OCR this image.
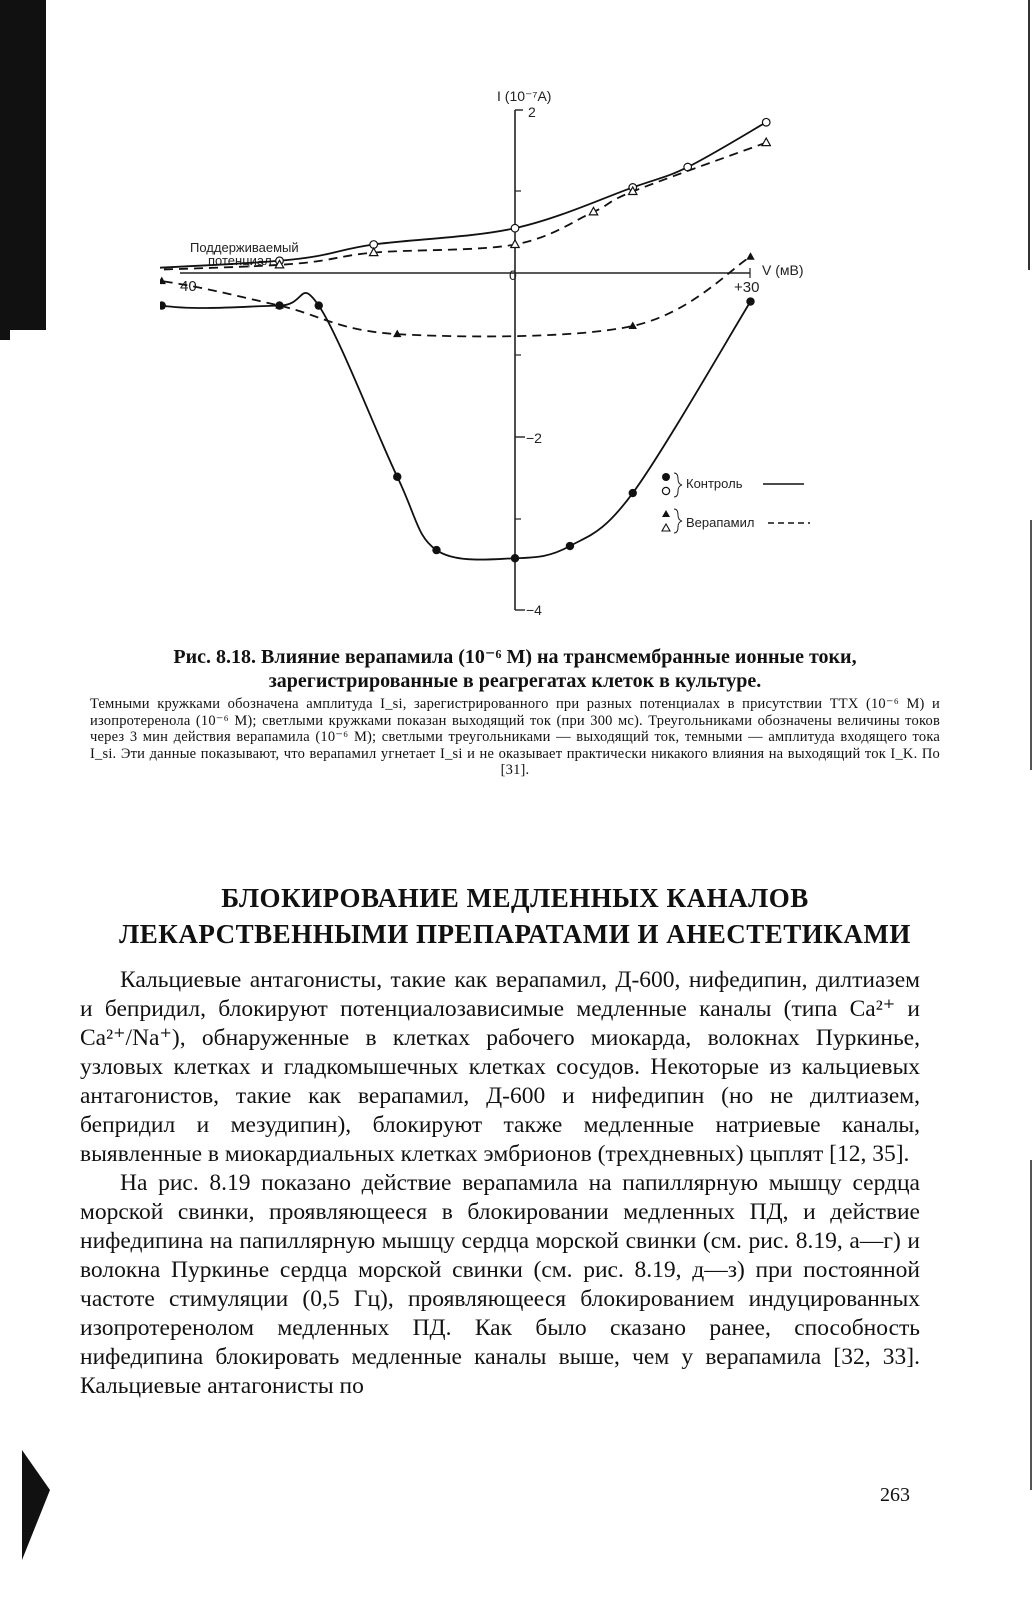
I (10⁻⁷A)
V (мВ)
Поддерживаемый
потенциал
40
0
+30
2
−2
−4
Контроль
Верапамил
Рис. 8.18. Влияние верапамила (10⁻⁶ М) на трансмембранные ионные токи, зарегистрированные в реагрегатах клеток в культуре.
Темными кружками обозначена амплитуда I_si, зарегистрированного при разных потенциалах в присутствии ТТХ (10⁻⁶ М) и изопротеренола (10⁻⁶ М); светлыми кружками показан выходящий ток (при 300 мс). Треугольниками обозначены величины токов через 3 мин действия верапамила (10⁻⁶ М); светлыми треугольниками — выходящий ток, темными — амплитуда входящего тока I_si. Эти данные показывают, что верапамил угнетает I_si и не оказывает практически никакого влияния на выходящий ток I_K. По [31].
БЛОКИРОВАНИЕ МЕДЛЕННЫХ КАНАЛОВ
ЛЕКАРСТВЕННЫМИ ПРЕПАРАТАМИ И АНЕСТЕТИКАМИ

Кальциевые антагонисты, такие как верапамил, Д-600, нифедипин, дилтиазем и бепридил, блокируют потенциалозависимые медленные каналы (типа Ca²⁺ и Ca²⁺/Na⁺), обнаруженные в клетках рабочего миокарда, волокнах Пуркинье, узловых клетках и гладкомышечных клетках сосудов. Некоторые из кальциевых антагонистов, такие как верапамил, Д-600 и нифедипин (но не дилтиазем, бепридил и мезудипин), блокируют также медленные натриевые каналы, выявленные в миокардиальных клетках эмбрионов (трехдневных) цыплят [12, 35].

На рис. 8.19 показано действие верапамила на папиллярную мышцу сердца морской свинки, проявляющееся в блокировании медленных ПД, и действие нифедипина на папиллярную мышцу сердца морской свинки (см. рис. 8.19, а—г) и волокна Пуркинье сердца морской свинки (см. рис. 8.19, д—з) при постоянной частоте стимуляции (0,5 Гц), проявляющееся блокированием индуцированных изопротеренолом медленных ПД. Как было сказано ранее, способность нифедипина блокировать медленные каналы выше, чем у верапамила [32, 33]. Кальциевые антагонисты по

263
